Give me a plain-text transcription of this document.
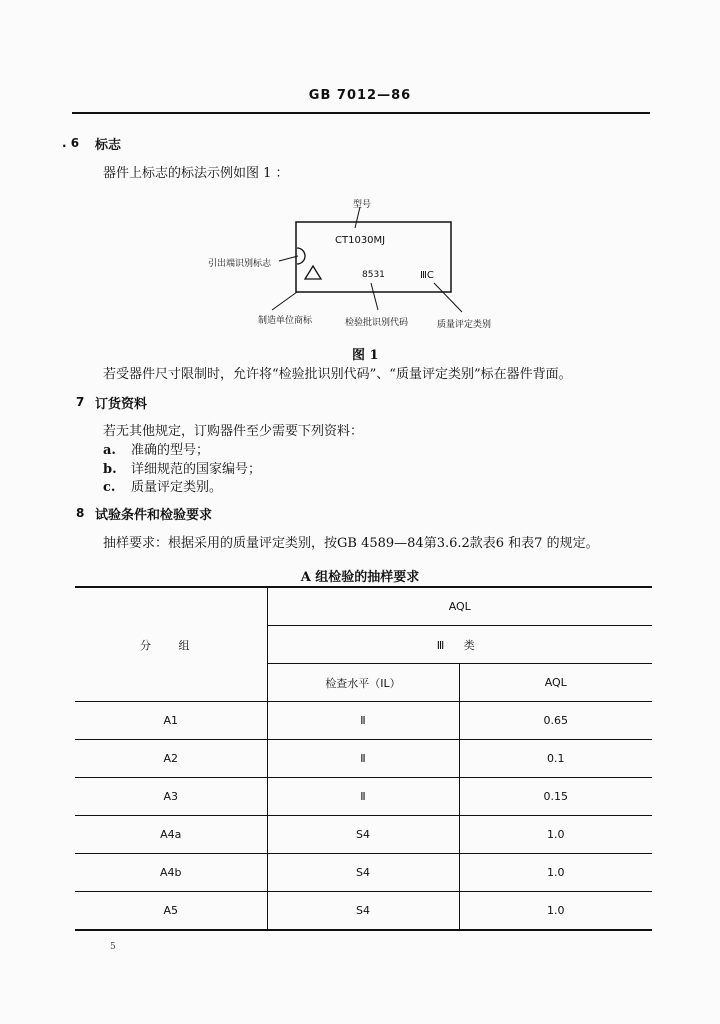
GB 7012—86
. 6 标志
器件上标志的标法示例如图 1 ：
型号
CT1030MJ
引出端识别标志
8531	ⅢC
制造单位商标	检验批识别代码	质量评定类别
图 1
若受器件尺寸限制时，允许将“检验批识别代码”、“质量评定类别”标在器件背面。
7 订货资料
若无其他规定，订购器件至少需要下列资料：
a. 准确的型号；
b. 详细规范的国家编号；
c. 质量评定类别。
8 试验条件和检验要求
抽样要求：根据采用的质量评定类别，按GB 4589—84第3.6.2款表6 和表7 的规定。
A 组检验的抽样要求
分 组	AQL	
	Ⅲ 类	
	检查水平（IL）	AQL
A1	Ⅱ	0.65
A2	Ⅱ	0.1
A3	Ⅱ	0.15
A4a	S4	1.0
A4b	S4	1.0
A5	S4	1.0
5
